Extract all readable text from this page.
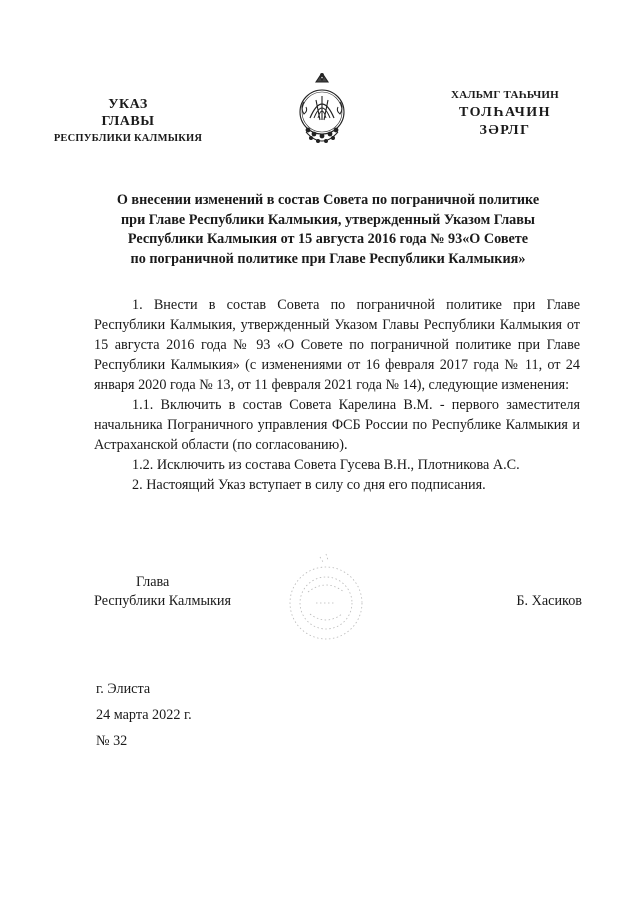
УКАЗ
ГЛАВЫ
РЕСПУБЛИКИ КАЛМЫКИЯ
ХАЛЬМГ ТАҺЬЧИН
ТОЛҺАЧИН
ЗӘРЛГ
О внесении изменений в состав Совета по пограничной политике
при Главе Республики Калмыкия, утвержденный Указом Главы
Республики Калмыкия от 15 августа 2016 года № 93«О Совете
по пограничной политике при Главе Республики Калмыкия»

1. Внести в состав Совета по пограничной политике при Главе Республики Калмыкия, утвержденный Указом Главы Республики Калмыкия от 15 августа 2016 года № 93 «О Совете по пограничной политике при Главе Республики Калмыкия» (с изменениями от 16 февраля 2017 года № 11, от 24 января 2020 года № 13, от 11 февраля 2021 года № 14), следующие изменения:

1.1. Включить в состав Совета Карелина В.М. - первого заместителя начальника Пограничного управления ФСБ России по Республике Калмыкия и Астраханской области (по согласованию).

1.2. Исключить из состава Совета Гусева В.Н., Плотникова А.С.

2. Настоящий Указ вступает в силу со дня его подписания.

Глава
Республики Калмыкия	Б. Хасиков
г. Элиста
24 марта 2022 г.
№ 32
